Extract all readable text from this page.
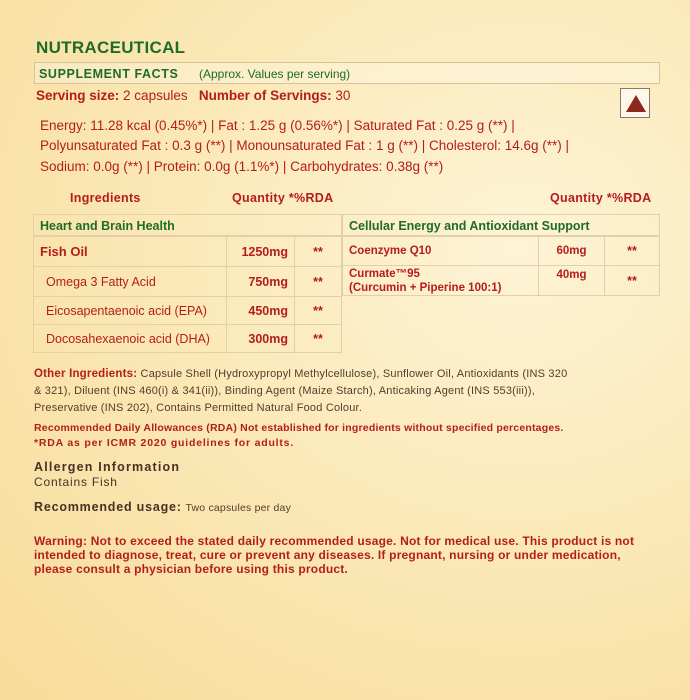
NUTRACEUTICAL
SUPPLEMENT FACTS (Approx. Values per serving)
Serving size: 2 capsules Number of Servings: 30
Energy: 11.28 kcal (0.45%*) | Fat : 1.25 g (0.56%*) | Saturated Fat : 0.25 g (**) |
Polyunsaturated Fat : 0.3 g (**) | Monounsaturated Fat : 1 g (**) | Cholesterol: 14.6g (**) |
Sodium: 0.0g (**) | Protein: 0.0g (1.1%*) | Carbohydrates: 0.38g (**)
Ingredients	Quantity *%RDA	Quantity *%RDA
Heart and Brain Health
Fish Oil	1250mg	**
Omega 3 Fatty Acid	750mg	**
Eicosapentaenoic acid (EPA)	450mg	**
Docosahexaenoic acid (DHA)	300mg	**
Cellular Energy and Antioxidant Support
Coenzyme Q10	60mg	**

Curmate™95
(Curcumin + Piperine 100:1)	40mg	**
Other Ingredients: Capsule Shell (Hydroxypropyl Methylcellulose), Sunflower Oil, Antioxidants (INS 320
& 321), Diluent (INS 460(i) & 341(ii)), Binding Agent (Maize Starch), Anticaking Agent (INS 553(iii)),
Preservative (INS 202), Contains Permitted Natural Food Colour.
Recommended Daily Allowances (RDA) Not established for ingredients without specified percentages.
*RDA as per ICMR 2020 guidelines for adults.
Allergen Information
Contains Fish
Recommended usage: Two capsules per day
Warning: Not to exceed the stated daily recommended usage. Not for medical use. This product is not
intended to diagnose, treat, cure or prevent any diseases. If pregnant, nursing or under medication,
please consult a physician before using this product.
